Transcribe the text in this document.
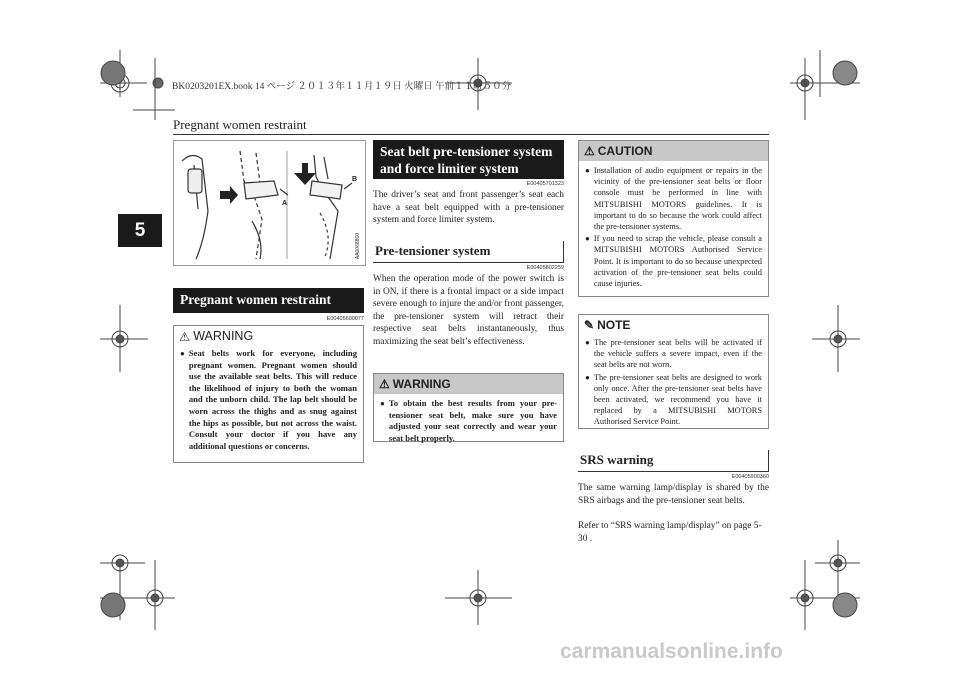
BK0203201EX.book 14 ページ ２０１３年１１月１９日 火曜日 午前１１時５０分
Pregnant women restraint
5
A
B
AA0068860
Pregnant women restraint
E00405600077
⚠ WARNING
● Seat belts work for everyone, including pregnant women. Pregnant women should use the available seat belts. This will reduce the likelihood of injury to both the woman and the unborn child. The lap belt should be worn across the thighs and as snug against the hips as possible, but not across the waist. Consult your doctor if you have any additional questions or concerns.
Seat belt pre-tensioner system and force limiter system
E00405701323
The driver’s seat and front passenger’s seat each have a seat belt equipped with a pre-tensioner system and force limiter system.
Pre-tensioner system
E00405802259
When the operation mode of the power switch is in ON, if there is a frontal impact or a side impact severe enough to injure the and/or front passenger, the pre-tensioner system will retract their respective seat belts instantaneously, thus maximizing the seat belt’s effectiveness.
⚠ WARNING
● To obtain the best results from your pre-tensioner seat belt, make sure you have adjusted your seat correctly and wear your seat belt properly.
⚠ CAUTION
● Installation of audio equipment or repairs in the vicinity of the pre-tensioner seat belts or floor console must be performed in line with MITSUBISHI MOTORS guidelines. It is important to do so because the work could affect the pre-tensioner systems.
● If you need to scrap the vehicle, please consult a MITSUBISHI MOTORS Authorised Service Point. It is important to do so because unexpected activation of the pre-tensioner seat belts could cause injuries.
✎ NOTE
● The pre-tensioner seat belts will be activated if the vehicle suffers a severe impact, even if the seat belts are not worn.
● The pre-tensioner seat belts are designed to work only once. After the pre-tensioner seat belts have been activated, we recommend you have it replaced by a MITSUBISHI MOTORS Authorised Service Point.
SRS warning
E00405900360
The same warning lamp/display is shared by the SRS airbags and the pre-tensioner seat belts.
Refer to “SRS warning lamp/display” on page 5-30 .
carmanualsonline.info
